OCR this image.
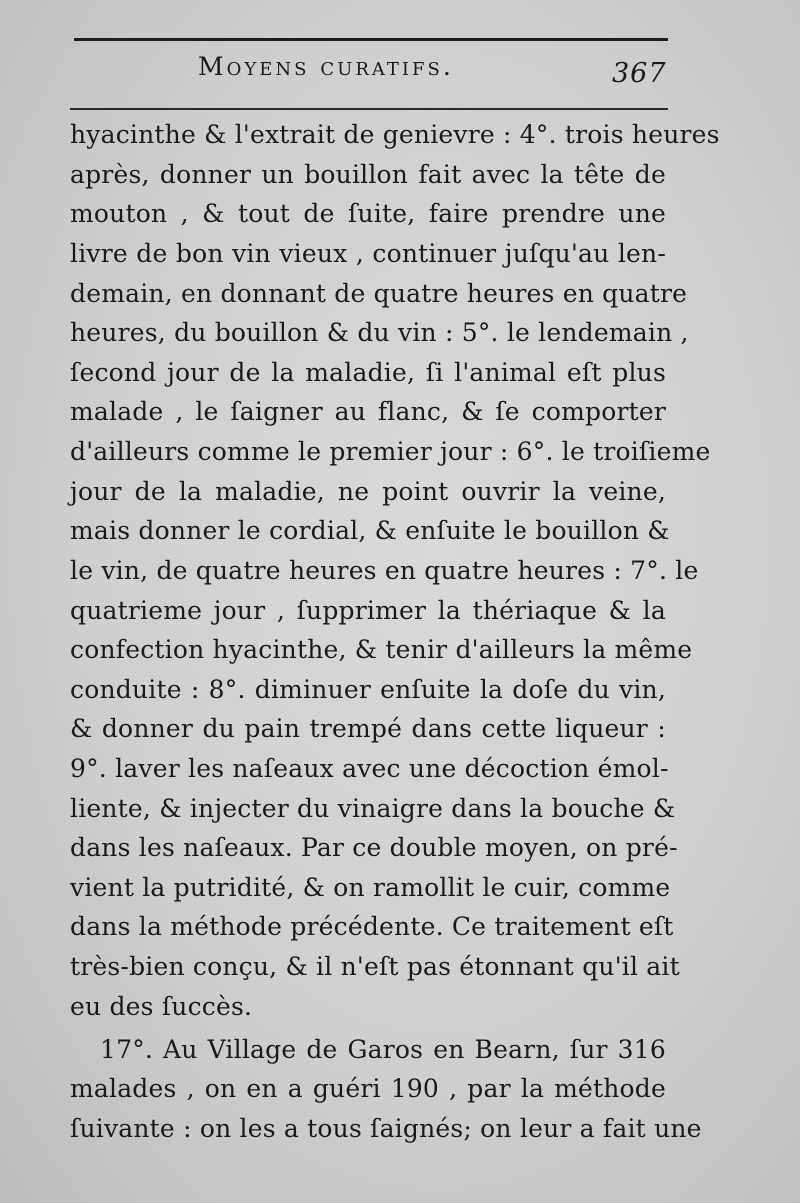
Moyens curatifs.	367
hyacinthe & l'extrait de genievre : 4°. trois heures
après, donner un bouillon fait avec la tête de
mouton , & tout de ſuite, faire prendre une
livre de bon vin vieux , continuer juſqu'au len-
demain, en donnant de quatre heures en quatre
heures, du bouillon & du vin : 5°. le lendemain ,
ſecond jour de la maladie, ſi l'animal eſt plus
malade , le ſaigner au flanc, & ſe comporter
d'ailleurs comme le premier jour : 6°. le troiſieme
jour de la maladie, ne point ouvrir la veine,
mais donner le cordial, & enſuite le bouillon &
le vin, de quatre heures en quatre heures : 7°. le
quatrieme jour , ſupprimer la thériaque & la
confection hyacinthe, & tenir d'ailleurs la même
conduite : 8°. diminuer enſuite la doſe du vin,
& donner du pain trempé dans cette liqueur :
9°. laver les naſeaux avec une décoction émol-
liente, & injecter du vinaigre dans la bouche &
dans les naſeaux. Par ce double moyen, on pré-
vient la putridité, & on ramollit le cuir, comme
dans la méthode précédente. Ce traitement eſt
très-bien conçu, & il n'eſt pas étonnant qu'il ait
eu des ſuccès.
17°. Au Village de Garos en Bearn, ſur 316
malades , on en a guéri 190 , par la méthode
ſuivante : on les a tous ſaignés; on leur a fait une
